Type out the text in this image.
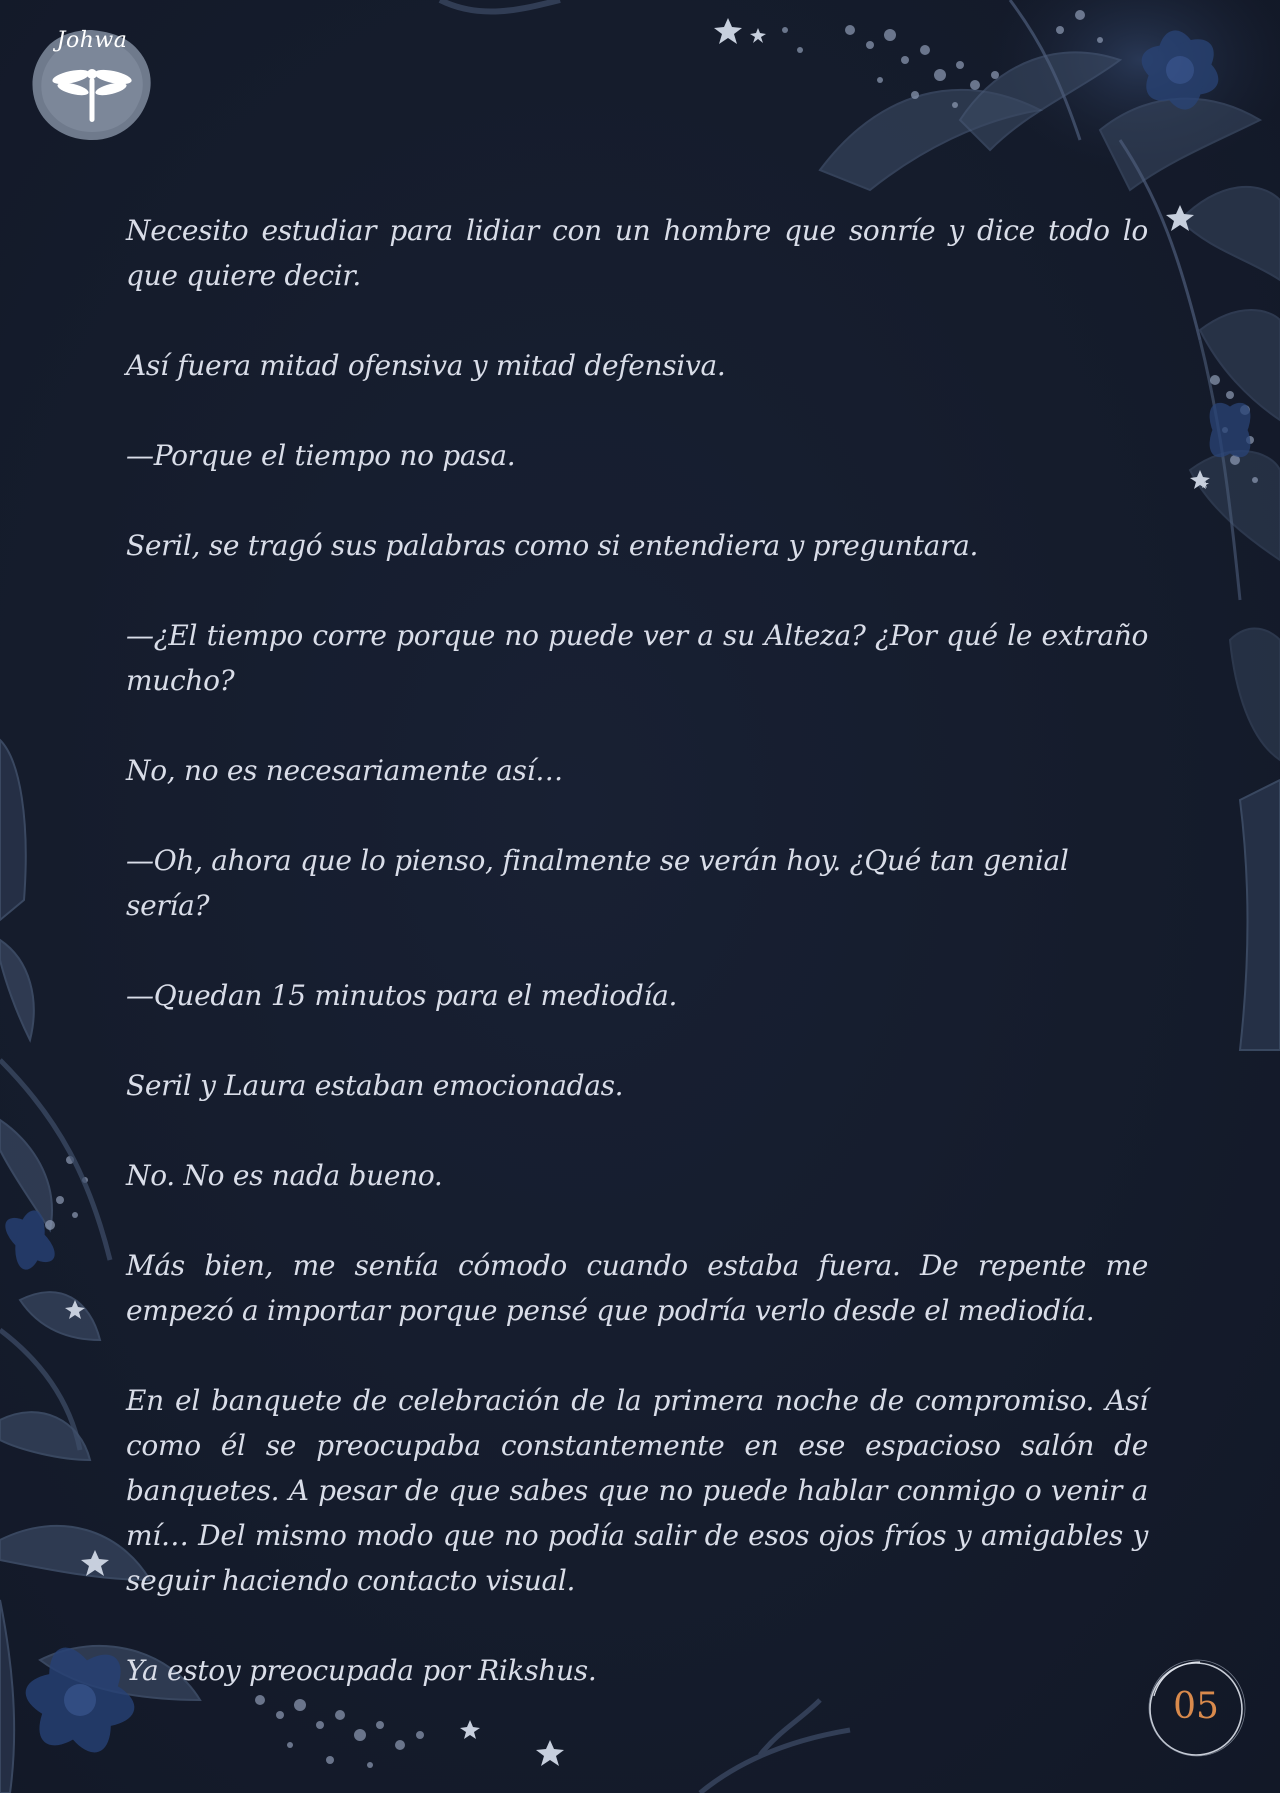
Johwa

Necesito estudiar para lidiar con un hombre que sonríe y dice todo lo que quiere decir.

Así fuera mitad ofensiva y mitad defensiva.

—Porque el tiempo no pasa.

Seril, se tragó sus palabras como si entendiera y preguntara.

—¿El tiempo corre porque no puede ver a su Alteza? ¿Por qué le extraño mucho?

No, no es necesariamente así…

—Oh, ahora que lo pienso, finalmente se verán hoy. ¿Qué tan genial sería?

—Quedan 15 minutos para el mediodía.

Seril y Laura estaban emocionadas.

No. No es nada bueno.

Más bien, me sentía cómodo cuando estaba fuera. De repente me empezó a importar porque pensé que podría verlo desde el mediodía.

En el banquete de celebración de la primera noche de compromiso. Así como él se preocupaba constantemente en ese espacioso salón de banquetes. A pesar de que sabes que no puede hablar conmigo o venir a mí… Del mismo modo que no podía salir de esos ojos fríos y amigables y seguir haciendo contacto visual.

Ya estoy preocupada por Rikshus.

05
